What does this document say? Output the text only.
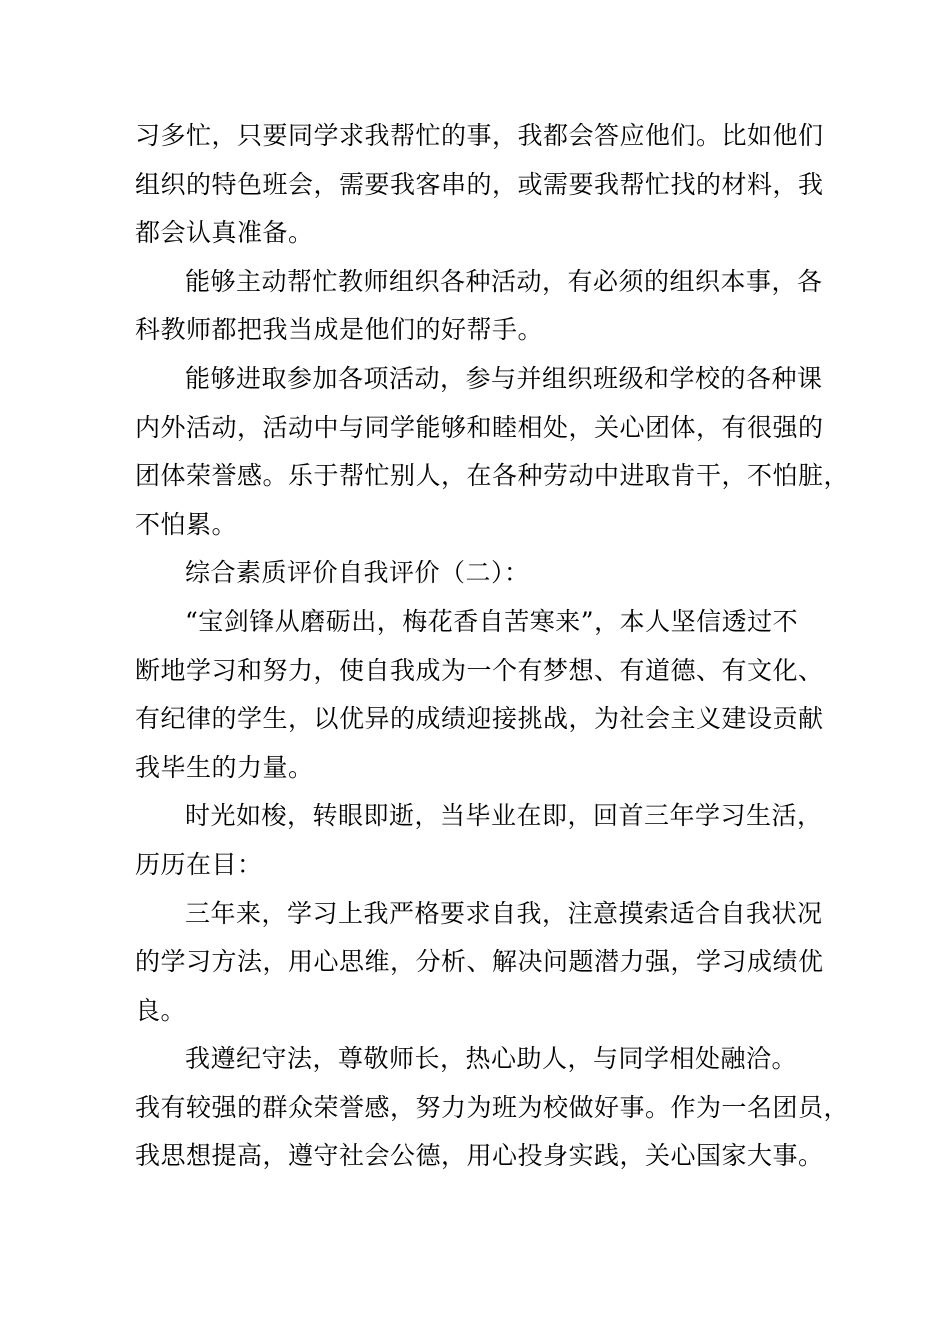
习多忙，只要同学求我帮忙的事，我都会答应他们。比如他们
组织的特色班会，需要我客串的，或需要我帮忙找的材料，我
都会认真准备。
能够主动帮忙教师组织各种活动，有必须的组织本事，各
科教师都把我当成是他们的好帮手。
能够进取参加各项活动，参与并组织班级和学校的各种课
内外活动，活动中与同学能够和睦相处，关心团体，有很强的
团体荣誉感。乐于帮忙别人，在各种劳动中进取肯干，不怕脏，
不怕累。
综合素质评价自我评价（二）：
“宝剑锋从磨砺出，梅花香自苦寒来”，本人坚信透过不
断地学习和努力，使自我成为一个有梦想、有道德、有文化、
有纪律的学生，以优异的成绩迎接挑战，为社会主义建设贡献
我毕生的力量。
时光如梭，转眼即逝，当毕业在即，回首三年学习生活，
历历在目：
三年来，学习上我严格要求自我，注意摸索适合自我状况
的学习方法，用心思维，分析、解决问题潜力强，学习成绩优
良。
我遵纪守法，尊敬师长，热心助人，与同学相处融洽。
我有较强的群众荣誉感，努力为班为校做好事。作为一名团员，
我思想提高，遵守社会公德，用心投身实践，关心国家大事。
